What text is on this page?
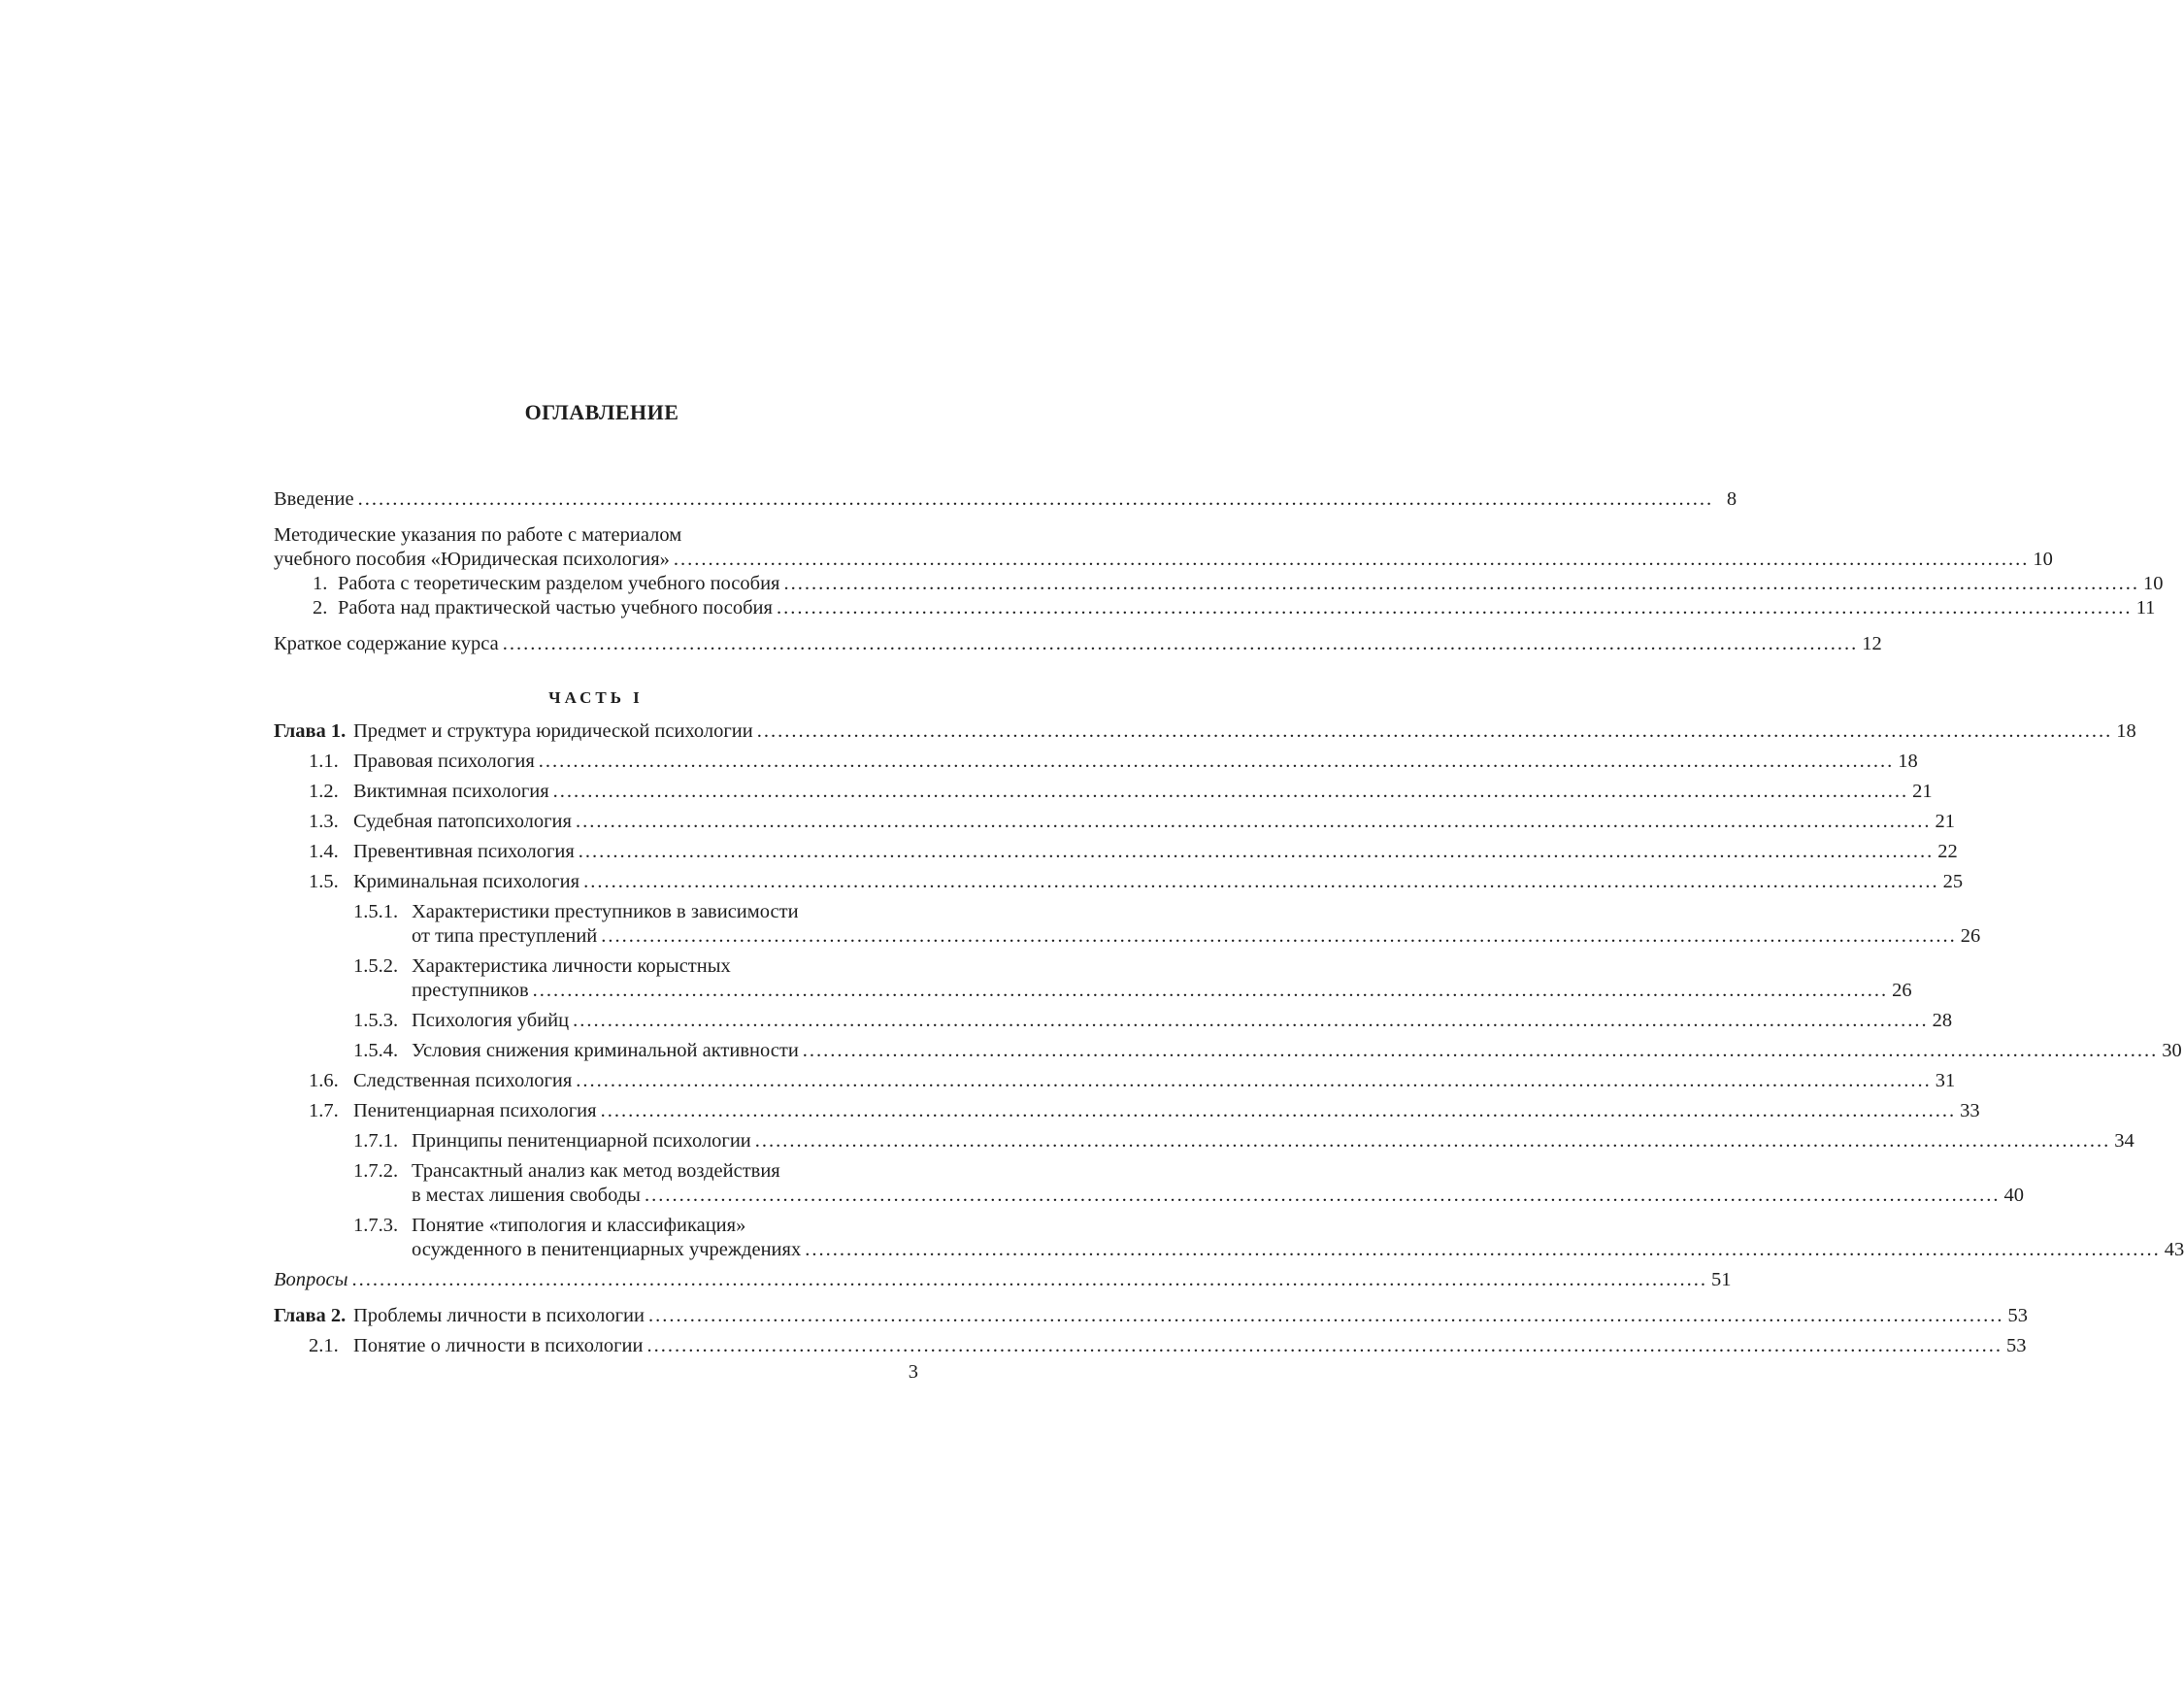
ОГЛАВЛЕНИЕ
Введение .....	8
Методические указания по работе с материалом
учебного пособия «Юридическая психология» .....	10
1. Работа с теоретическим разделом учебного пособия .....	10
2. Работа над практической частью учебного пособия .....	11
Краткое содержание курса .....	12
ЧАСТЬ I
Глава 1. Предмет и структура юридической психологии .....	18
1.1. Правовая психология .....	18
1.2. Виктимная психология .....	21
1.3. Судебная патопсихология .....	21
1.4. Превентивная психология .....	22
1.5. Криминальная психология .....	25
1.5.1. Характеристики преступников в зависимости
от типа преступлений .....	26
1.5.2. Характеристика личности корыстных
преступников .....	26
1.5.3. Психология убийц .....	28
1.5.4. Условия снижения криминальной активности .....	30
1.6. Следственная психология .....	31
1.7. Пенитенциарная психология .....	33
1.7.1. Принципы пенитенциарной психологии .....	34
1.7.2. Трансактный анализ как метод воздействия
в местах лишения свободы .....	40
1.7.3. Понятие «типология и классификация»
осужденного в пенитенциарных учреждениях .....	43
Вопросы .....	51
Глава 2. Проблемы личности в психологии .....	53
2.1. Понятие о личности в психологии .....	53
3
